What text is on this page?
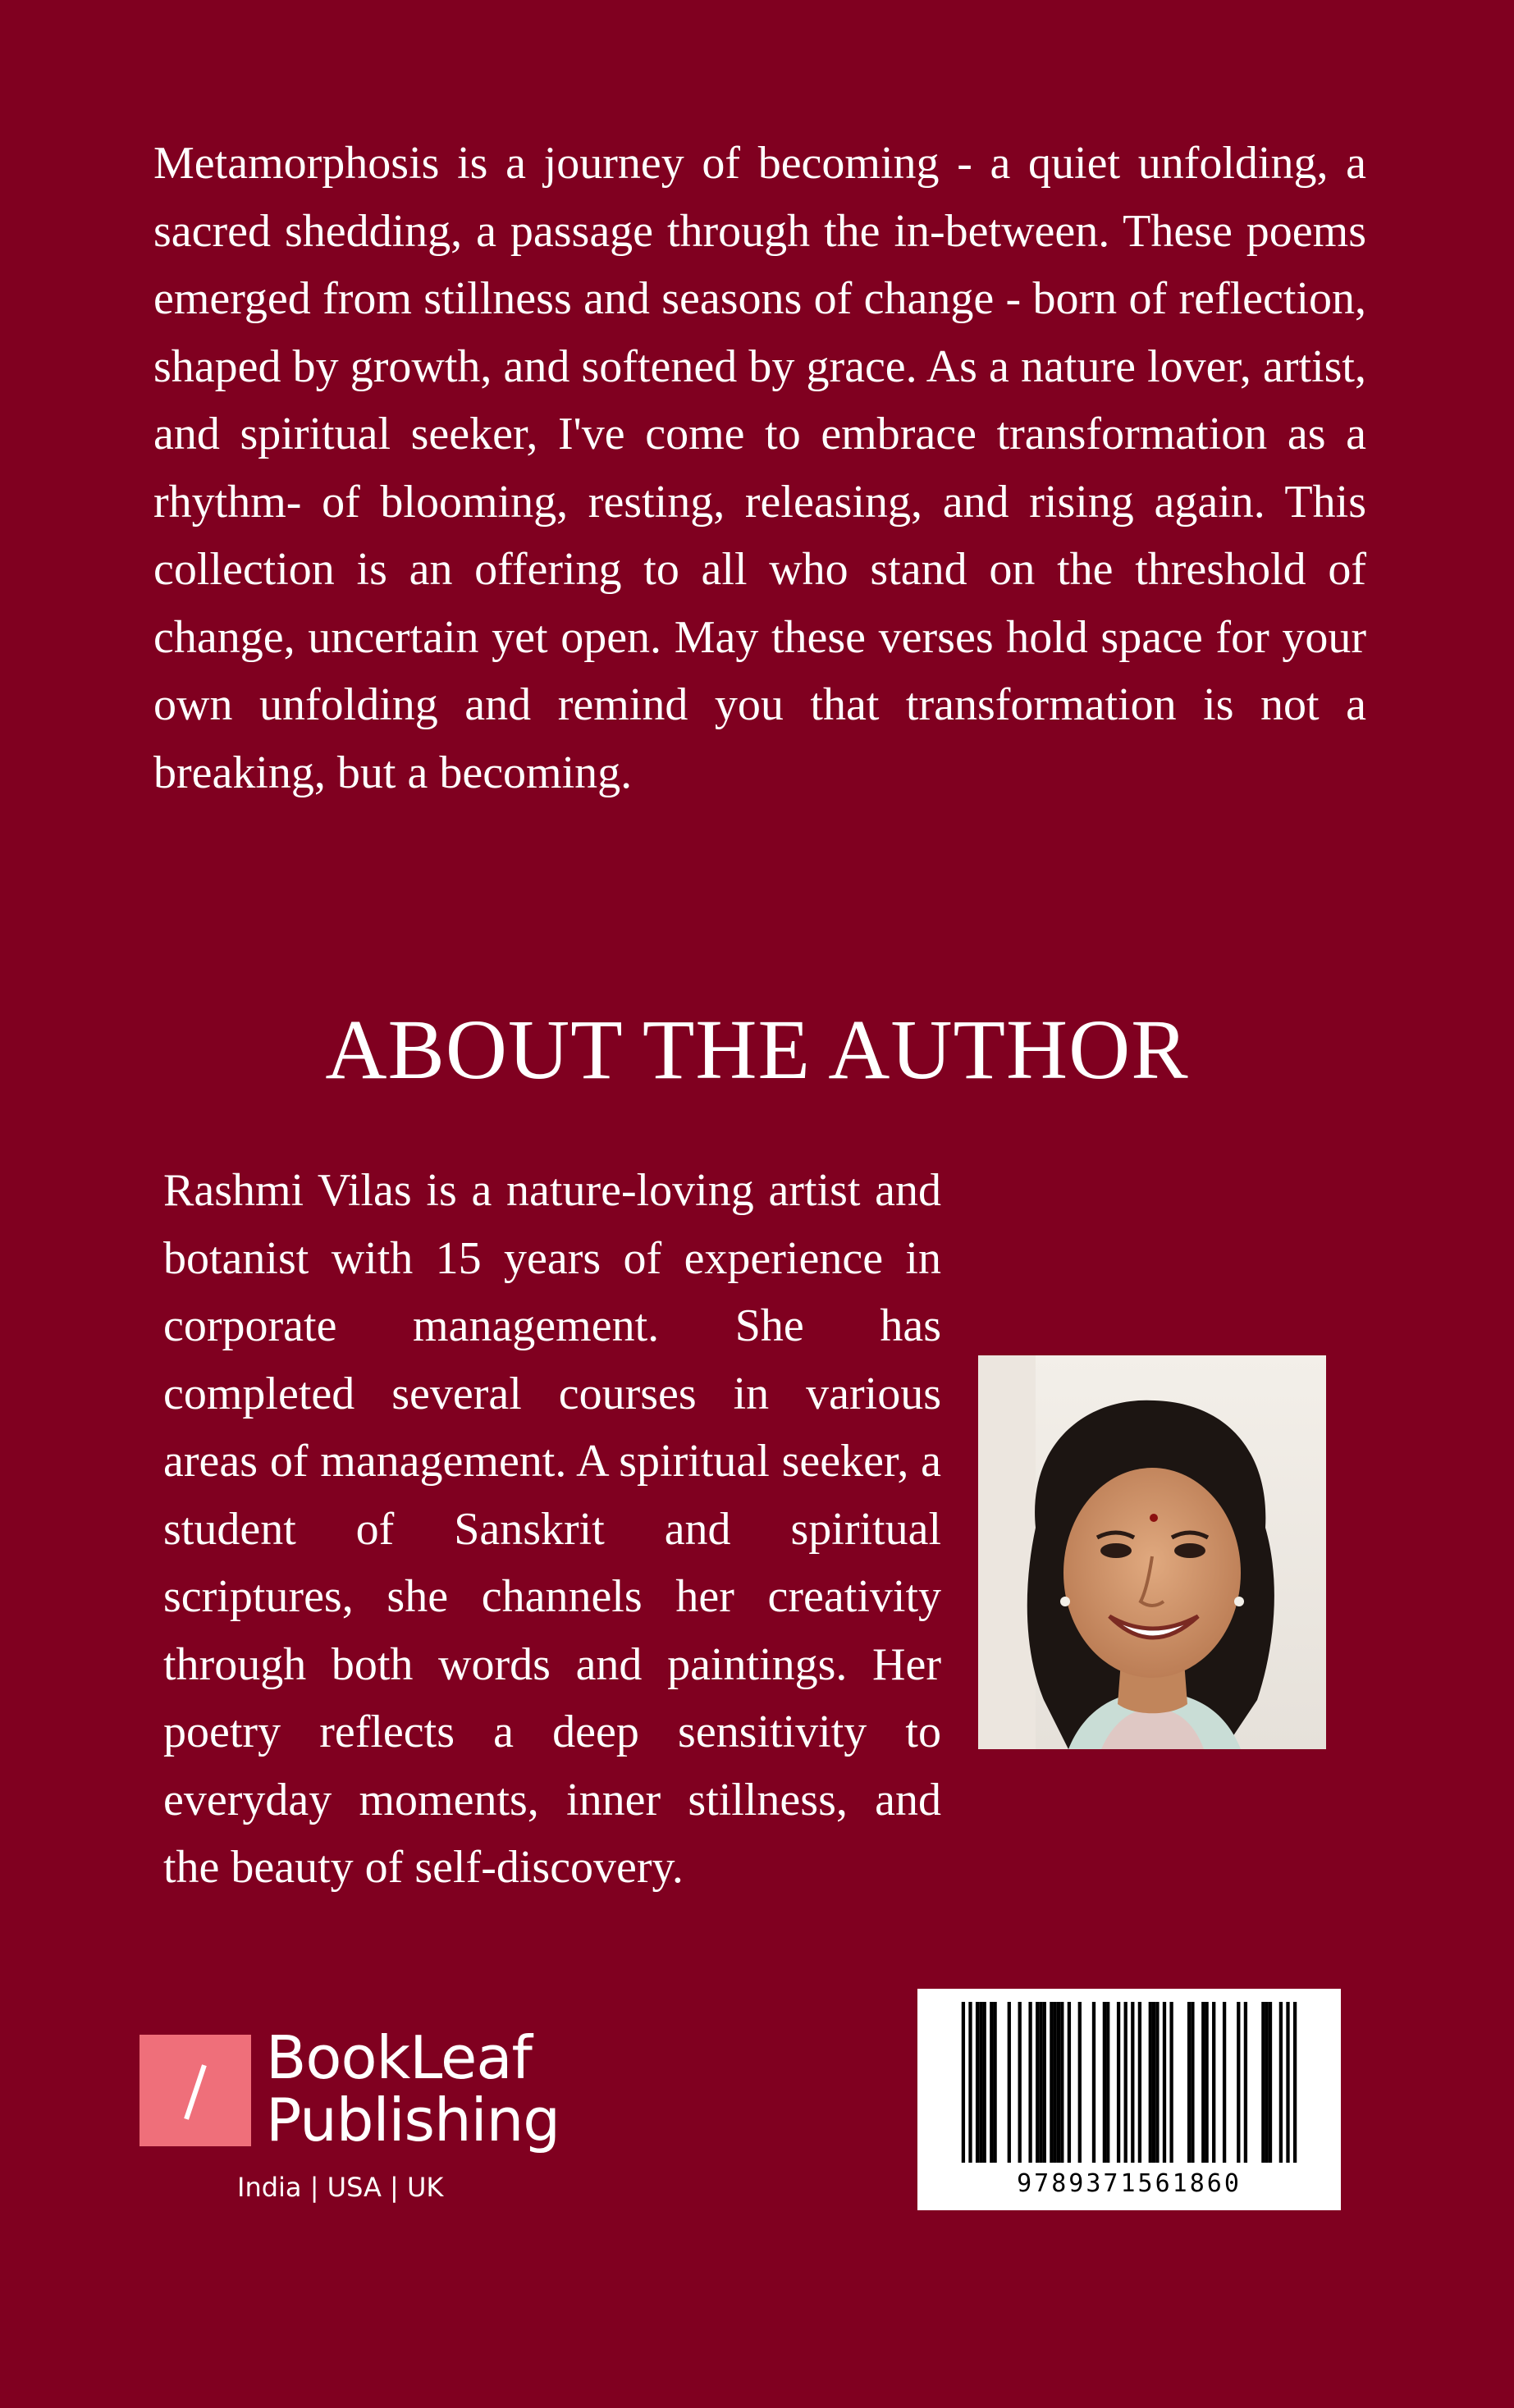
Metamorphosis is a journey of becoming - a quiet unfolding, a sacred shedding, a passage through the in-between. These poems emerged from stillness and seasons of change - born of reflection, shaped by growth, and softened by grace. As a nature lover, artist, and spiritual seeker, I've come to embrace transformation as a rhythm- of blooming, resting, releasing, and rising again. This collection is an offering to all who stand on the threshold of change, uncertain yet open. May these verses hold space for your own unfolding and remind you that transformation is not a breaking, but a becoming.

ABOUT THE AUTHOR

Rashmi Vilas is a nature-loving artist and botanist with 15 years of experience in corporate management. She has completed several courses in various areas of management. A spiritual seeker, a student of Sanskrit and spiritual scriptures, she channels her creativity through both words and paintings. Her poetry reflects a deep sensitivity to everyday moments, inner stillness, and the beauty of self-discovery.

BookLeaf
Publishing
India | USA | UK	9789371561860
